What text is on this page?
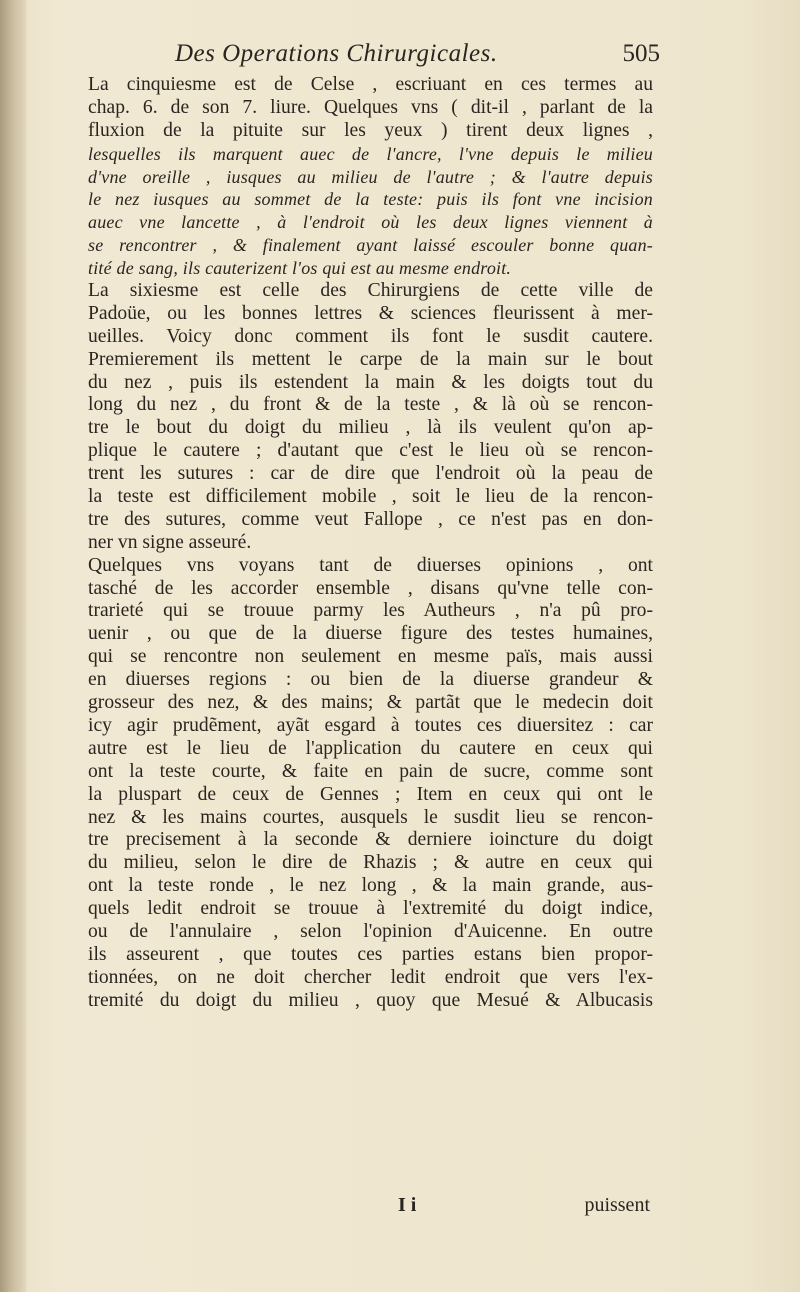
Des Operations Chirurgicales.	505
La cinquiesme est de Celse , escriuant en ces termes au
chap. 6. de son 7. liure. Quelques vns ( dit-il , parlant de la
fluxion de la pituite sur les yeux ) tirent deux lignes ,
lesquelles ils marquent auec de l'ancre, l'vne depuis le milieu
d'vne oreille , iusques au milieu de l'autre ; & l'autre depuis
le nez iusques au sommet de la teste: puis ils font vne incision
auec vne lancette , à l'endroit où les deux lignes viennent à
se rencontrer , & finalement ayant laissé escouler bonne quan-
tité de sang, ils cauterizent l'os qui est au mesme endroit.
La sixiesme est celle des Chirurgiens de cette ville de
Padoüe, ou les bonnes lettres & sciences fleurissent à mer-
ueilles. Voicy donc comment ils font le susdit cautere.
Premierement ils mettent le carpe de la main sur le bout
du nez , puis ils estendent la main & les doigts tout du
long du nez , du front & de la teste , & là où se rencon-
tre le bout du doigt du milieu , là ils veulent qu'on ap-
plique le cautere ; d'autant que c'est le lieu où se rencon-
trent les sutures : car de dire que l'endroit où la peau de
la teste est difficilement mobile , soit le lieu de la rencon-
tre des sutures, comme veut Fallope , ce n'est pas en don-
ner vn signe asseuré.
Quelques vns voyans tant de diuerses opinions , ont
tasché de les accorder ensemble , disans qu'vne telle con-
trarieté qui se trouue parmy les Autheurs , n'a pû pro-
uenir , ou que de la diuerse figure des testes humaines,
qui se rencontre non seulement en mesme païs, mais aussi
en diuerses regions : ou bien de la diuerse grandeur &
grosseur des nez, & des mains; & partãt que le medecin doit
icy agir prudẽment, ayãt esgard à toutes ces diuersitez : car
autre est le lieu de l'application du cautere en ceux qui
ont la teste courte, & faite en pain de sucre, comme sont
la pluspart de ceux de Gennes ; Item en ceux qui ont le
nez & les mains courtes, ausquels le susdit lieu se rencon-
tre precisement à la seconde & derniere ioincture du doigt
du milieu, selon le dire de Rhazis ; & autre en ceux qui
ont la teste ronde , le nez long , & la main grande, aus-
quels ledit endroit se trouue à l'extremité du doigt indice,
ou de l'annulaire , selon l'opinion d'Auicenne. En outre
ils asseurent , que toutes ces parties estans bien propor-
tionnées, on ne doit chercher ledit endroit que vers l'ex-
tremité du doigt du milieu , quoy que Mesué & Albucasis
I i	puissent
